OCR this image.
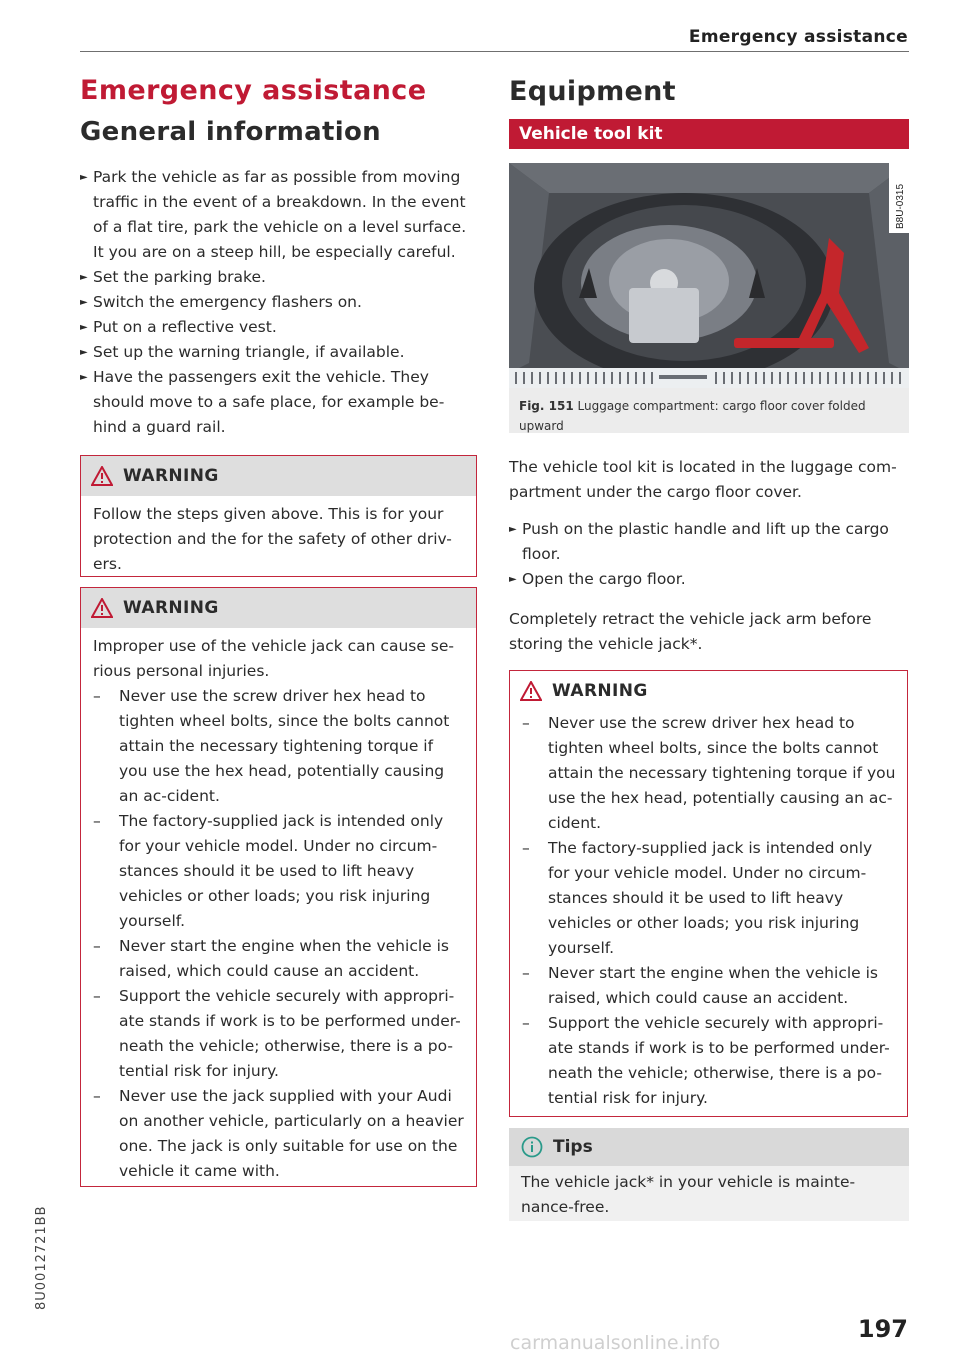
Emergency assistance
Emergency assistance
General information
► Park the vehicle as far as possible from moving traffic in the event of a breakdown. In the event of a flat tire, park the vehicle on a level surface. It you are on a steep hill, be especially careful.
► Set the parking brake.
► Switch the emergency flashers on.
► Put on a reflective vest.
► Set up the warning triangle, if available.
► Have the passengers exit the vehicle. They should move to a safe place, for example be-hind a guard rail.
WARNING

Follow the steps given above. This is for your protection and the for the safety of other driv-ers.

WARNING

Improper use of the vehicle jack can cause se-rious personal injuries.

– Never use the screw driver hex head to tighten wheel bolts, since the bolts cannot attain the necessary tightening torque if you use the hex head, potentially causing an ac-cident.
– The factory-supplied jack is intended only for your vehicle model. Under no circum-stances should it be used to lift heavy vehicles or other loads; you risk injuring yourself.
– Never start the engine when the vehicle is raised, which could cause an accident.
– Support the vehicle securely with appropri-ate stands if work is to be performed under-neath the vehicle; otherwise, there is a po-tential risk for injury.
– Never use the jack supplied with your Audi on another vehicle, particularly on a heavier one. The jack is only suitable for use on the vehicle it came with.
Equipment
Vehicle tool kit
B8U-0315
Fig. 151 Luggage compartment: cargo floor cover folded upward

The vehicle tool kit is located in the luggage com-partment under the cargo floor cover.

► Push on the plastic handle and lift up the cargo floor.
► Open the cargo floor.

Completely retract the vehicle jack arm before storing the vehicle jack*.

WARNING
– Never use the screw driver hex head to tighten wheel bolts, since the bolts cannot attain the necessary tightening torque if you use the hex head, potentially causing an ac-cident.
– The factory-supplied jack is intended only for your vehicle model. Under no circum-stances should it be used to lift heavy vehicles or other loads; you risk injuring yourself.
– Never start the engine when the vehicle is raised, which could cause an accident.
– Support the vehicle securely with appropri-ate stands if work is to be performed under-neath the vehicle; otherwise, there is a po-tential risk for injury.
Tips

The vehicle jack* in your vehicle is mainte-nance-free.

8U0012721BB
197
carmanualsonline.info
